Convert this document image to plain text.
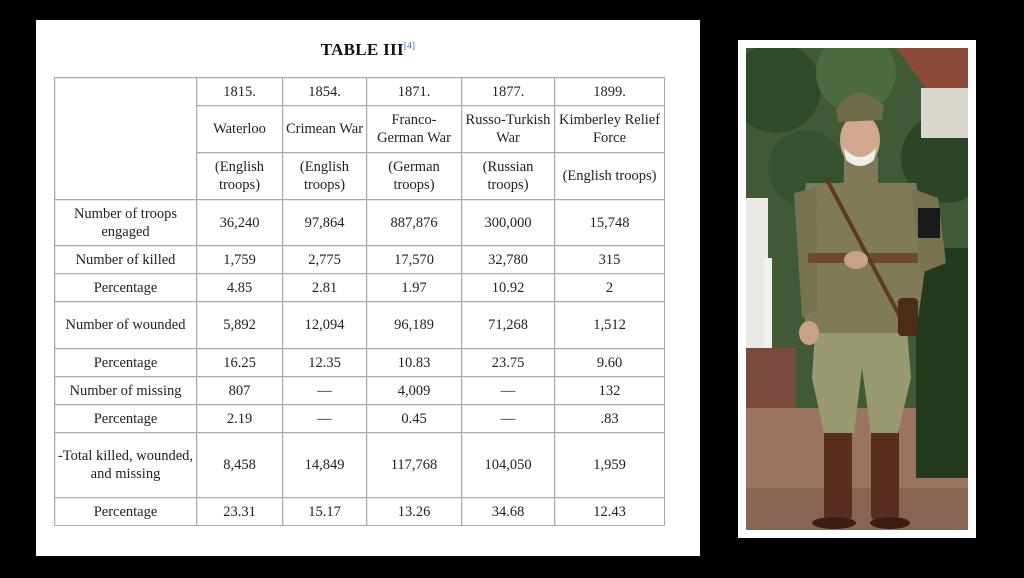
TABLE III[4]
	1815.	1854.	1871.	1877.	1899.
	Waterloo	Crimean War	Franco-German War	Russo-Turkish War	Kimberley Relief Force
	(English troops)	(English troops)	(German troops)	(Russian troops)	(English troops)
Number of troops engaged	36,240	97,864	887,876	300,000	15,748
Number of killed	1,759	2,775	17,570	32,780	315
Percentage	4.85	2.81	1.97	10.92	2
Number of wounded	5,892	12,094	96,189	71,268	1,512
Percentage	16.25	12.35	10.83	23.75	9.60
Number of missing	807	—	4,009	—	132
Percentage	2.19	—	0.45	—	.83
-Total killed, wounded, and missing	8,458	14,849	117,768	104,050	1,959
Percentage	23.31	15.17	13.26	34.68	12.43
